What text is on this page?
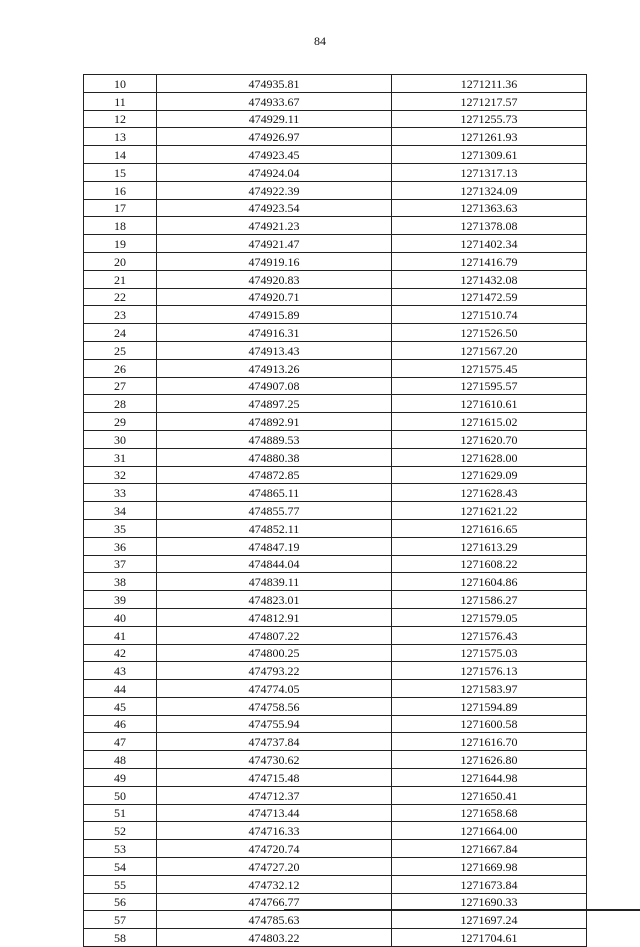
84
10	474935.81	1271211.36
11	474933.67	1271217.57
12	474929.11	1271255.73
13	474926.97	1271261.93
14	474923.45	1271309.61
15	474924.04	1271317.13
16	474922.39	1271324.09
17	474923.54	1271363.63
18	474921.23	1271378.08
19	474921.47	1271402.34
20	474919.16	1271416.79
21	474920.83	1271432.08
22	474920.71	1271472.59
23	474915.89	1271510.74
24	474916.31	1271526.50
25	474913.43	1271567.20
26	474913.26	1271575.45
27	474907.08	1271595.57
28	474897.25	1271610.61
29	474892.91	1271615.02
30	474889.53	1271620.70
31	474880.38	1271628.00
32	474872.85	1271629.09
33	474865.11	1271628.43
34	474855.77	1271621.22
35	474852.11	1271616.65
36	474847.19	1271613.29
37	474844.04	1271608.22
38	474839.11	1271604.86
39	474823.01	1271586.27
40	474812.91	1271579.05
41	474807.22	1271576.43
42	474800.25	1271575.03
43	474793.22	1271576.13
44	474774.05	1271583.97
45	474758.56	1271594.89
46	474755.94	1271600.58
47	474737.84	1271616.70
48	474730.62	1271626.80
49	474715.48	1271644.98
50	474712.37	1271650.41
51	474713.44	1271658.68
52	474716.33	1271664.00
53	474720.74	1271667.84
54	474727.20	1271669.98
55	474732.12	1271673.84
56	474766.77	1271690.33
57	474785.63	1271697.24
58	474803.22	1271704.61
